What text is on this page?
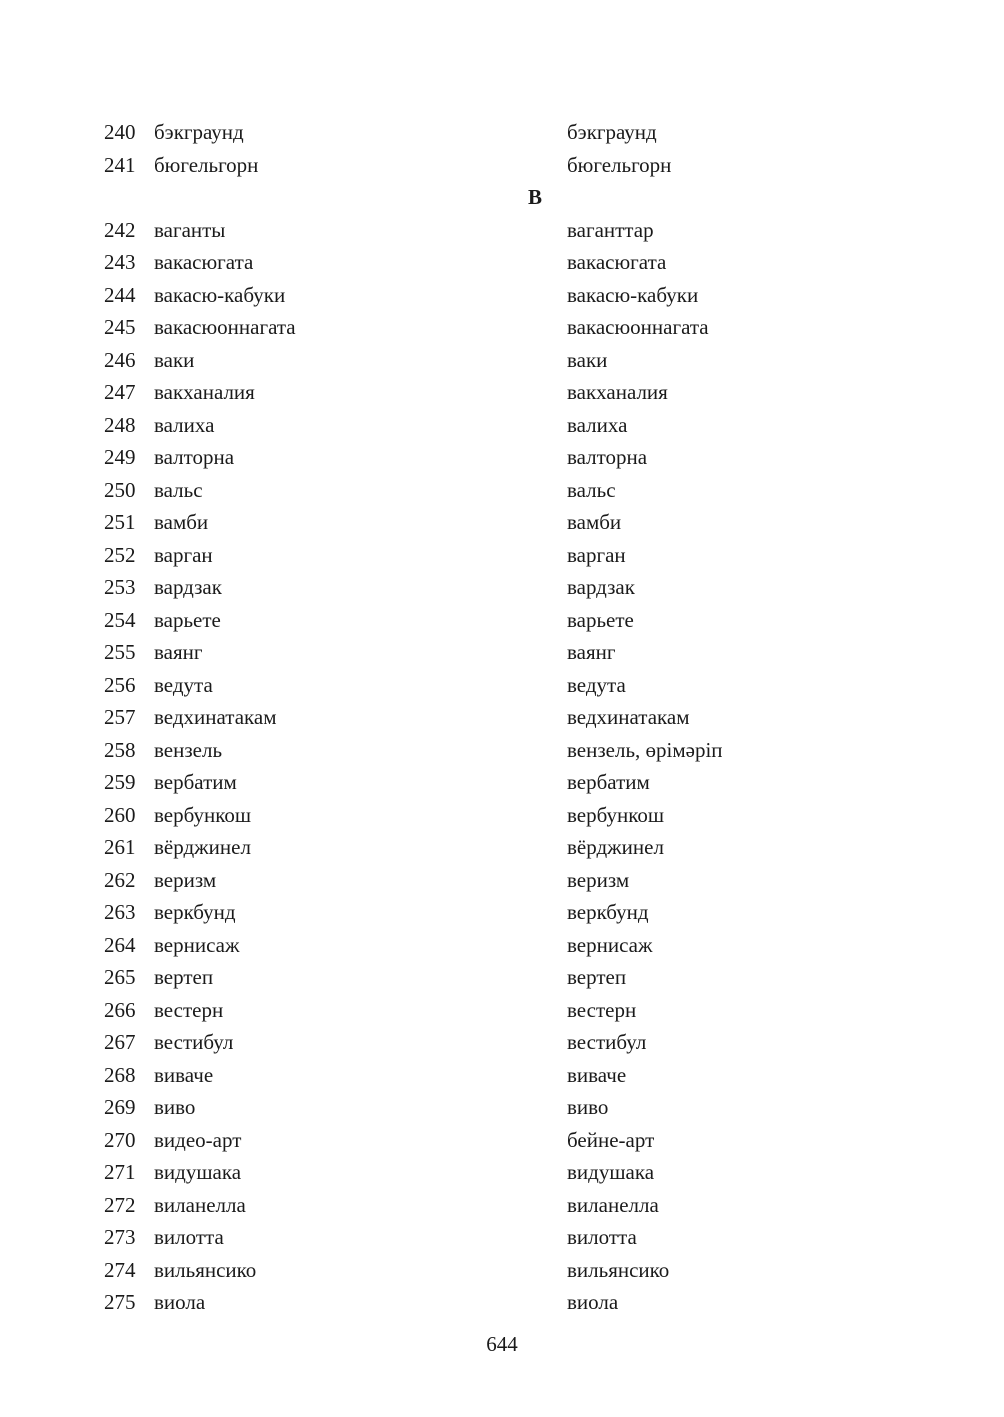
240 бэкграунд	бэкграунд
241 бюгельгорн	бюгельгорн
В
242 ваганты	ваганттар
243 вакасюгата	вакасюгата
244 вакасю-кабуки	вакасю-кабуки
245 вакасюоннагата	вакасюоннагата
246 ваки	ваки
247 вакханалия	вакханалия
248 валиха	валиха
249 валторна	валторна
250 вальс	вальс
251 вамби	вамби
252 варган	варган
253 вардзак	вардзак
254 варьете	варьете
255 ваянг	ваянг
256 ведута	ведута
257 ведхинатакам	ведхинатакам
258 вензель	вензель, өрімәріп
259 вербатим	вербатим
260 вербункош	вербункош
261 вёрджинел	вёрджинел
262 веризм	веризм
263 веркбунд	веркбунд
264 вернисаж	вернисаж
265 вертеп	вертеп
266 вестерн	вестерн
267 вестибул	вестибул
268 виваче	виваче
269 виво	виво
270 видео-арт	бейне-арт
271 видушака	видушака
272 виланелла	виланелла
273 вилотта	вилотта
274 вильянсико	вильянсико
275 виола	виола
644
